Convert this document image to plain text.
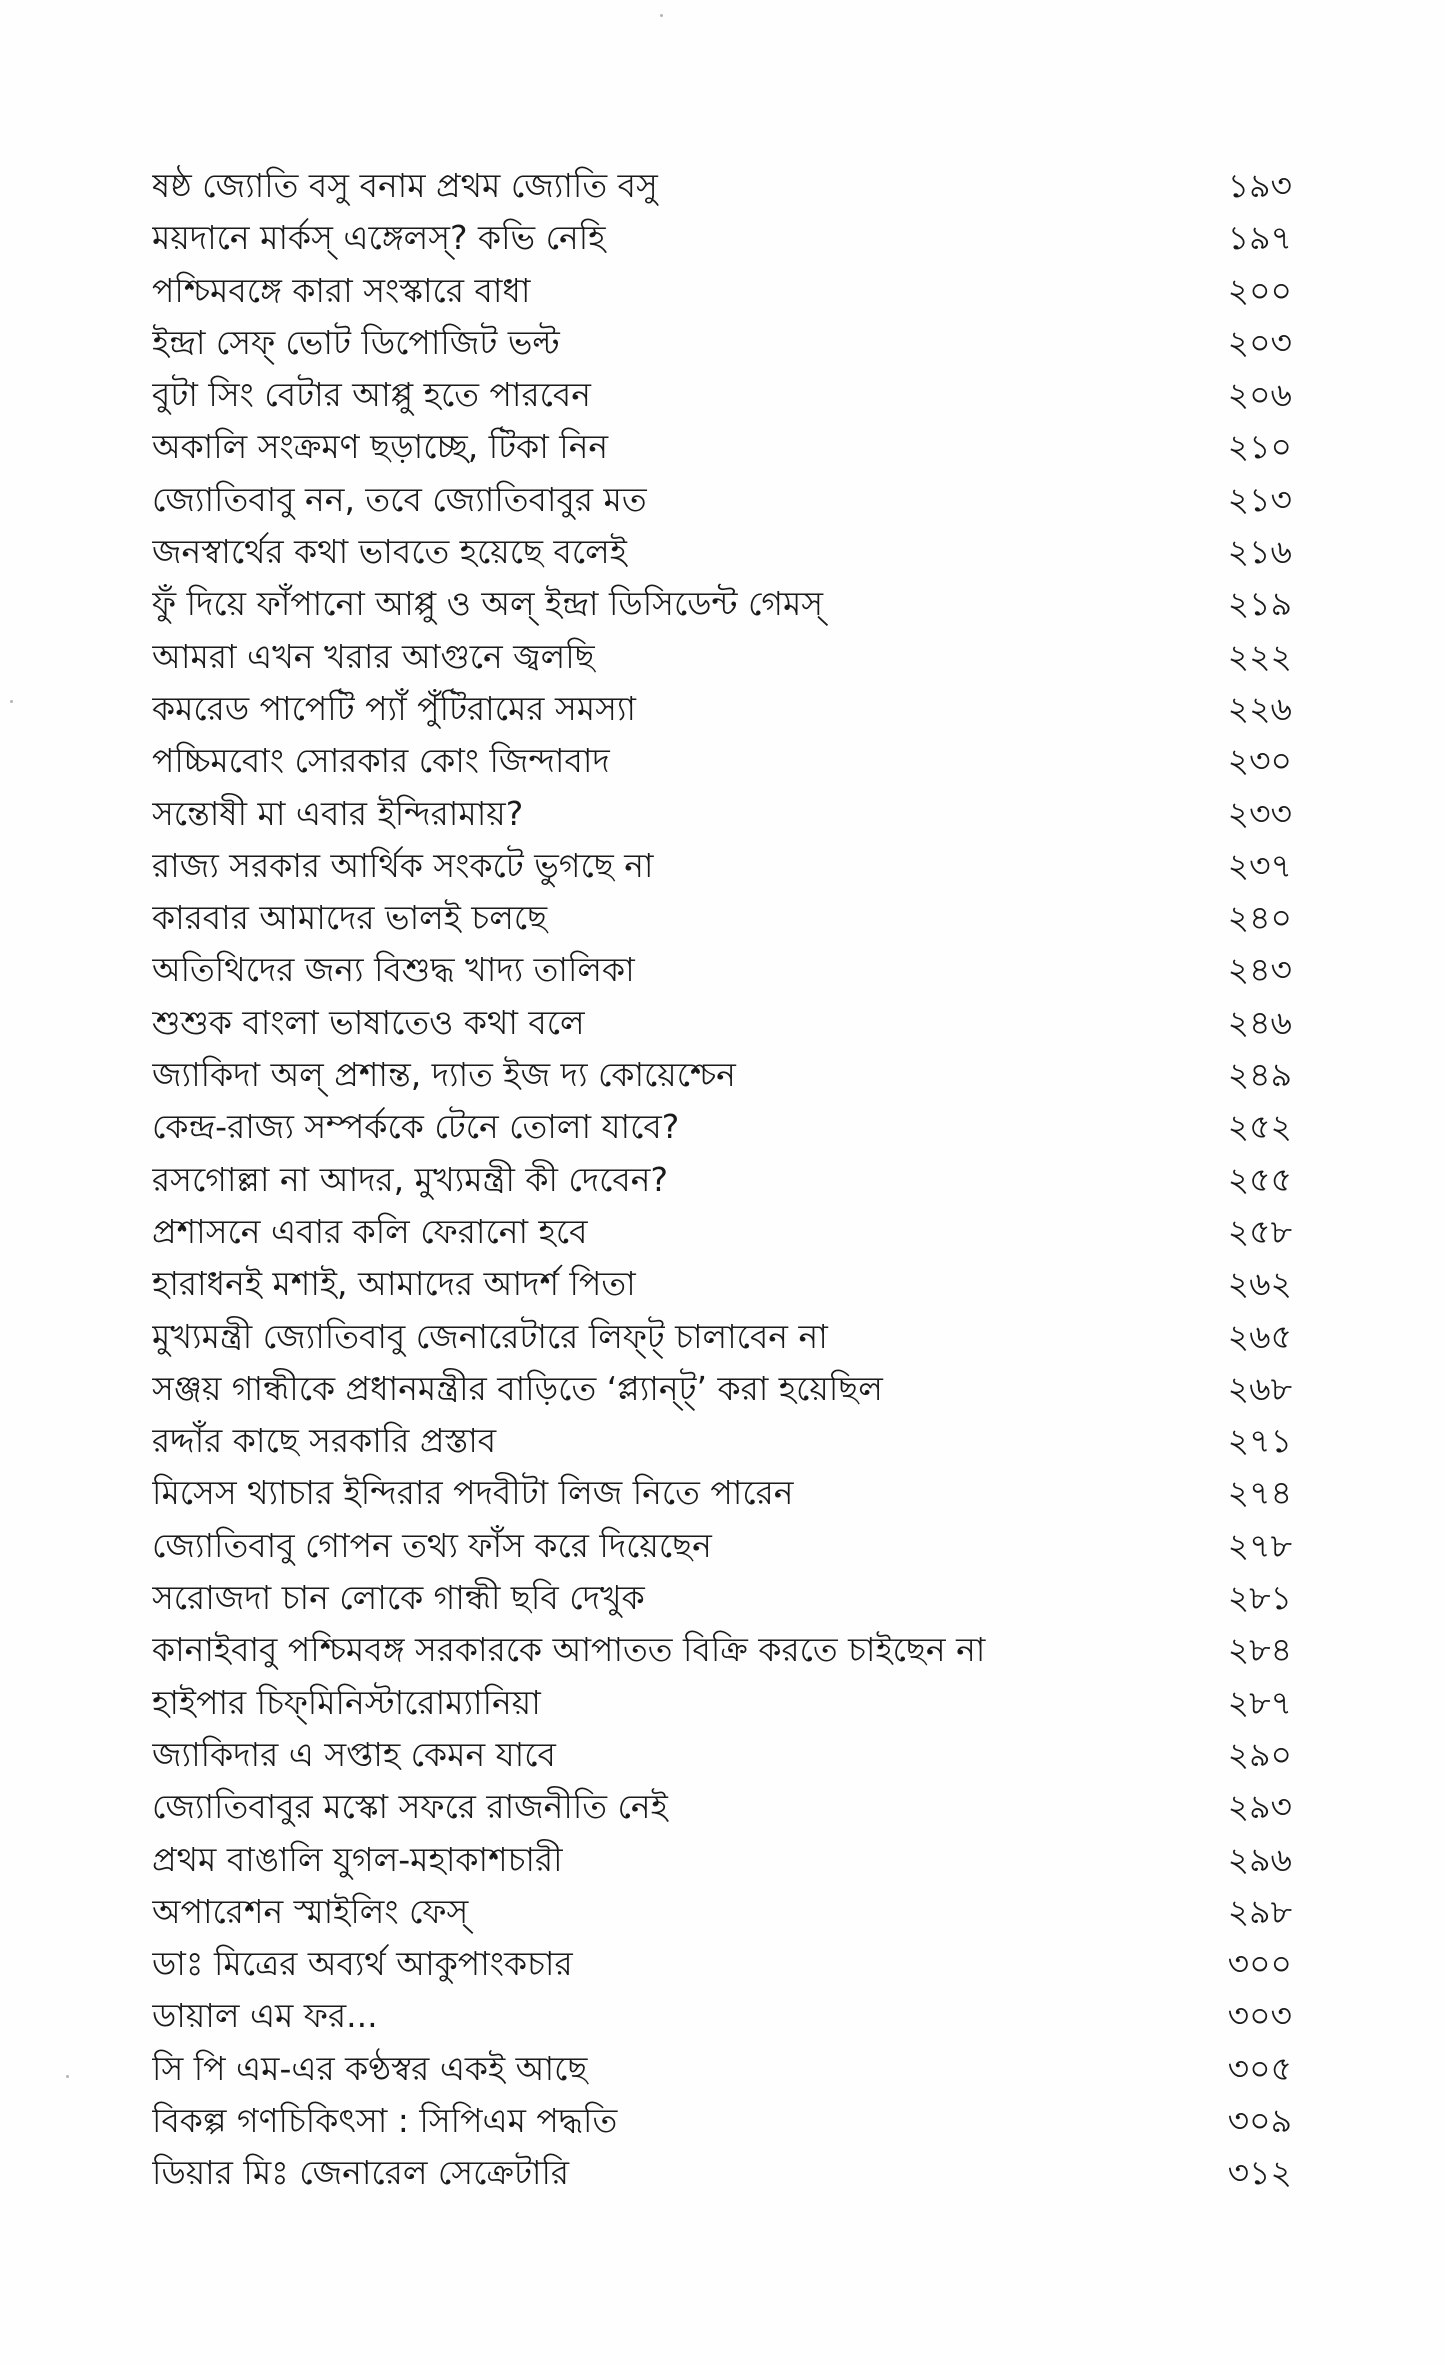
ষষ্ঠ জ্যোতি বসু বনাম প্রথম জ্যোতি বসু	১৯৩
ময়দানে মার্কস্‌ এঙ্গেলস্‌? কভি নেহি	১৯৭
পশ্চিমবঙ্গে কারা সংস্কারে বাধা	২০০
ইন্দ্রা সেফ্‌ ভোট ডিপোজিট ভল্ট	২০৩
বুটা সিং বেটার আপ্পু হতে পারবেন	২০৬
অকালি সংক্রমণ ছড়াচ্ছে, টিকা নিন	২১০
জ্যোতিবাবু নন, তবে জ্যোতিবাবুর মত	২১৩
জনস্বার্থের কথা ভাবতে হয়েছে বলেই	২১৬
ফুঁ দিয়ে ফাঁপানো আপ্পু ও অল্‌ ইন্দ্রা ডিসিডেন্ট গেমস্‌	২১৯
আমরা এখন খরার আগুনে জ্বলছি	২২২
কমরেড পাপেটি প্যাঁ পুঁটিরামের সমস্যা	২২৬
পচ্চিমবোং সোরকার কোং জিন্দাবাদ	২৩০
সন্তোষী মা এবার ইন্দিরামায়?	২৩৩
রাজ্য সরকার আর্থিক সংকটে ভুগছে না	২৩৭
কারবার আমাদের ভালই চলছে	২৪০
অতিথিদের জন্য বিশুদ্ধ খাদ্য তালিকা	২৪৩
শুশুক বাংলা ভাষাতেও কথা বলে	২৪৬
জ্যাকিদা অল্‌ প্রশান্ত, দ্যাত ইজ দ্য কোয়েশ্চেন	২৪৯
কেন্দ্র-রাজ্য সম্পর্ককে টেনে তোলা যাবে?	২৫২
রসগোল্লা না আদর, মুখ্যমন্ত্রী কী দেবেন?	২৫৫
প্রশাসনে এবার কলি ফেরানো হবে	২৫৮
হারাধনই মশাই, আমাদের আদর্শ পিতা	২৬২
মুখ্যমন্ত্রী জ্যোতিবাবু জেনারেটারে লিফ্‌ট্‌ চালাবেন না	২৬৫
সঞ্জয় গান্ধীকে প্রধানমন্ত্রীর বাড়িতে ‘প্ল্যান্ট্‌’ করা হয়েছিল	২৬৮
রদ্দাঁর কাছে সরকারি প্রস্তাব	২৭১
মিসেস থ্যাচার ইন্দিরার পদবীটা লিজ নিতে পারেন	২৭৪
জ্যোতিবাবু গোপন তথ্য ফাঁস করে দিয়েছেন	২৭৮
সরোজদা চান লোকে গান্ধী ছবি দেখুক	২৮১
কানাইবাবু পশ্চিমবঙ্গ সরকারকে আপাতত বিক্রি করতে চাইছেন না	২৮৪
হাইপার চিফ্‌মিনিস্টারোম্যানিয়া	২৮৭
জ্যাকিদার এ সপ্তাহ কেমন যাবে	২৯০
জ্যোতিবাবুর মস্কো সফরে রাজনীতি নেই	২৯৩
প্রথম বাঙালি যুগল-মহাকাশচারী	২৯৬
অপারেশন স্মাইলিং ফেস্‌	২৯৮
ডাঃ মিত্রের অব্যর্থ আকুপাংকচার	৩০০
ডায়াল এম ফর...	৩০৩
সি পি এম-এর কণ্ঠস্বর একই আছে	৩০৫
বিকল্প গণচিকিৎসা : সিপিএম পদ্ধতি	৩০৯
ডিয়ার মিঃ জেনারেল সেক্রেটারি	৩১২
